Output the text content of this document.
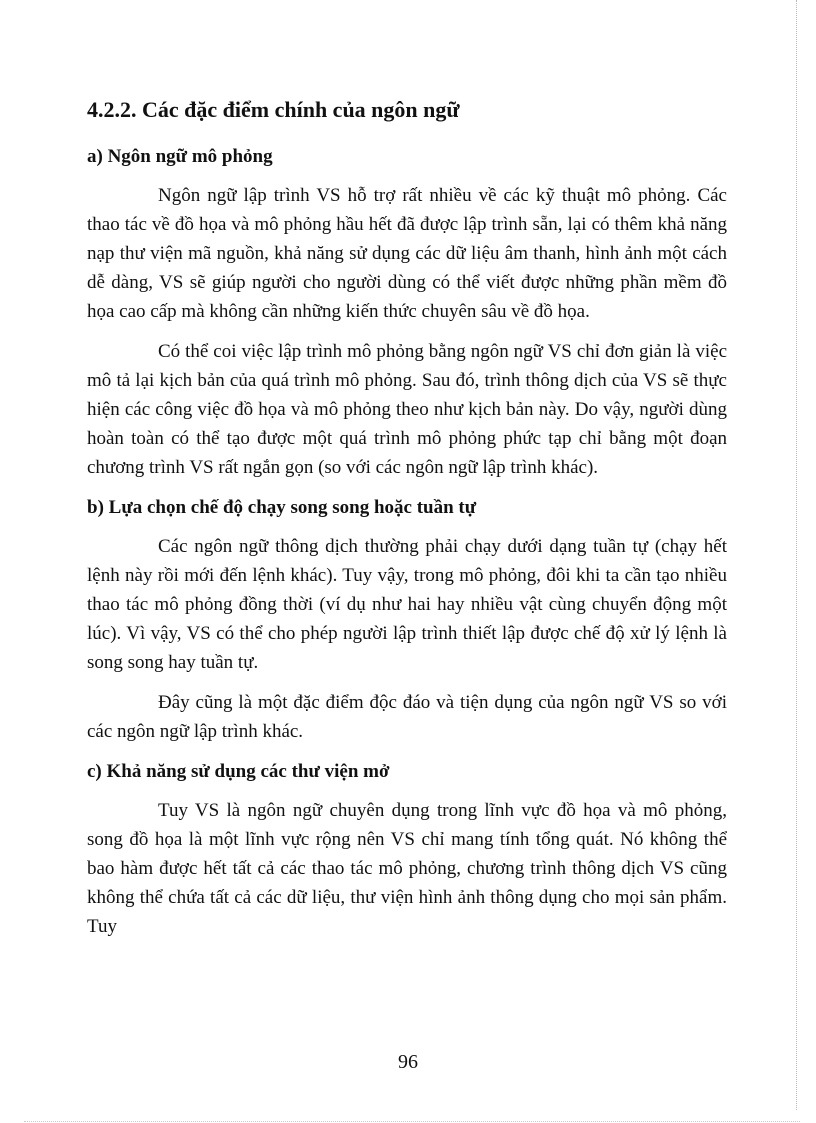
4.2.2. Các đặc điểm chính của ngôn ngữ
a) Ngôn ngữ mô phỏng

Ngôn ngữ lập trình VS hỗ trợ rất nhiều về các kỹ thuật mô phỏng. Các thao tác về đồ họa và mô phỏng hầu hết đã được lập trình sẵn, lại có thêm khả năng nạp thư viện mã nguồn, khả năng sử dụng các dữ liệu âm thanh, hình ảnh một cách dễ dàng, VS sẽ giúp người cho người dùng có thể viết được những phần mềm đồ họa cao cấp mà không cần những kiến thức chuyên sâu về đồ họa.

Có thể coi việc lập trình mô phỏng bằng ngôn ngữ VS chỉ đơn giản là việc mô tả lại kịch bản của quá trình mô phỏng. Sau đó, trình thông dịch của VS sẽ thực hiện các công việc đồ họa và mô phỏng theo như kịch bản này. Do vậy, người dùng hoàn toàn có thể tạo được một quá trình mô phỏng phức tạp chỉ bằng một đoạn chương trình VS rất ngắn gọn (so với các ngôn ngữ lập trình khác).

b) Lựa chọn chế độ chạy song song hoặc tuần tự

Các ngôn ngữ thông dịch thường phải chạy dưới dạng tuần tự (chạy hết lệnh này rồi mới đến lệnh khác). Tuy vậy, trong mô phỏng, đôi khi ta cần tạo nhiều thao tác mô phỏng đồng thời (ví dụ như hai hay nhiều vật cùng chuyển động một lúc). Vì vậy, VS có thể cho phép người lập trình thiết lập được chế độ xử lý lệnh là song song hay tuần tự.

Đây cũng là một đặc điểm độc đáo và tiện dụng của ngôn ngữ VS so với các ngôn ngữ lập trình khác.

c) Khả năng sử dụng các thư viện mở

Tuy VS là ngôn ngữ chuyên dụng trong lĩnh vực đồ họa và mô phỏng, song đồ họa là một lĩnh vực rộng nên VS chỉ mang tính tổng quát. Nó không thể bao hàm được hết tất cả các thao tác mô phỏng, chương trình thông dịch VS cũng không thể chứa tất cả các dữ liệu, thư viện hình ảnh thông dụng cho mọi sản phẩm. Tuy

96
